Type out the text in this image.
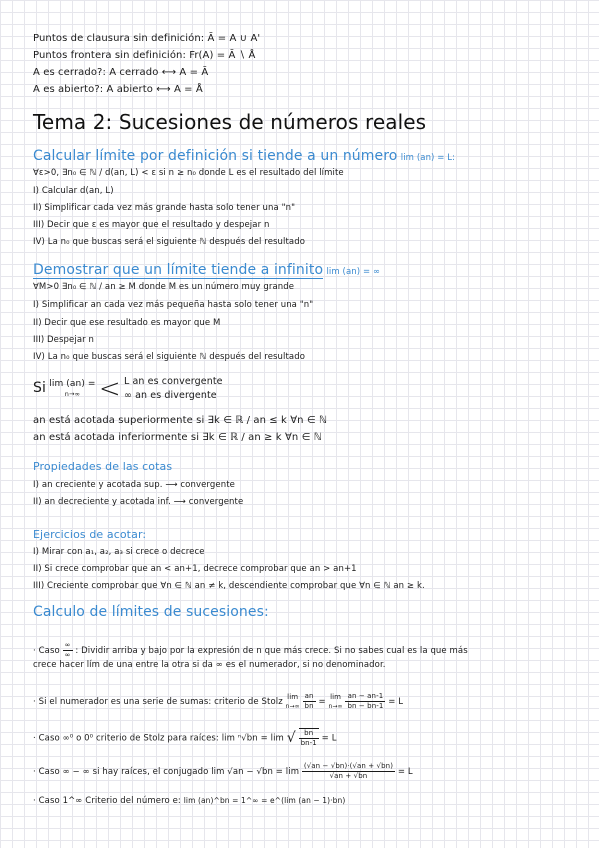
Puntos de clausura sin definición: Ā = A ∪ A'
Puntos frontera sin definición: Fr(A) = Ā ∖ Å
A es cerrado?: A cerrado ⟷ A = Ā
A es abierto?: A abierto ⟷ A = Å
Tema 2: Sucesiones de números reales
Calcular límite por definición si tiende a un número lim (an) = L:
∀ε>0, ∃n₀ ∈ ℕ / d(an, L) < ε si n ≥ n₀ donde L es el resultado del límite
I) Calcular d(an, L)
II) Simplificar cada vez más grande hasta solo tener una "n"
III) Decir que ε es mayor que el resultado y despejar n
IV) La n₀ que buscas será el siguiente ℕ después del resultado
Demostrar que un límite tiende a infinito lim (an) = ∞
∀M>0 ∃n₀ ∈ ℕ / an ≥ M donde M es un número muy grande
I) Simplificar an cada vez más pequeña hasta solo tener una "n"
II) Decir que ese resultado es mayor que M
III) Despejar n
IV) La n₀ que buscas será el siguiente ℕ después del resultado
Si lim (an) =
n→∞ < L an es convergente
∞ an es divergente
an está acotada superiormente si ∃k ∈ ℝ / an ≤ k ∀n ∈ ℕ
an está acotada inferiormente si ∃k ∈ ℝ / an ≥ k ∀n ∈ ℕ
Propiedades de las cotas
I) an creciente y acotada sup. ⟶ convergente
II) an decreciente y acotada inf. ⟶ convergente
Ejercicios de acotar:
I) Mirar con a₁, a₂, a₃ si crece o decrece
II) Si crece comprobar que an < an+1, decrece comprobar que an > an+1
III) Creciente comprobar que ∀n ∈ ℕ an ≠ k, descendiente comprobar que ∀n ∈ ℕ an ≥ k.
Calculo de límites de sucesiones:
· Caso $\frac{\infty}{\infty}$ : Dividir arriba y bajo por la expresión de n que más crece. Si no sabes cual es la que más
crece hacer lím de una entre la otra si da ∞ es el numerador, si no denominador.
· Si el numerador es una serie de sumas: criterio de Stolz
lim
n→∞
$\frac{an}{bn}$ =
lim
n→∞
$\frac{an - an-1}{bn - bn-1} = L$
· Caso ∞⁰ o 0⁰ criterio de Stolz para raíces: lim ⁿ√bn = lim √ $\frac{bn}{bn-1} = L$
· Caso ∞ − ∞ si hay raíces, el conjugado $\lim √an - √bn = \lim \frac{(√an - √bn)\cdot(√an + √bn)}{√an + √bn} = L$
· Caso 1^∞ Criterio del número e: lim (an)^bn = 1^∞ = e^(lim (an − 1)·bn)
